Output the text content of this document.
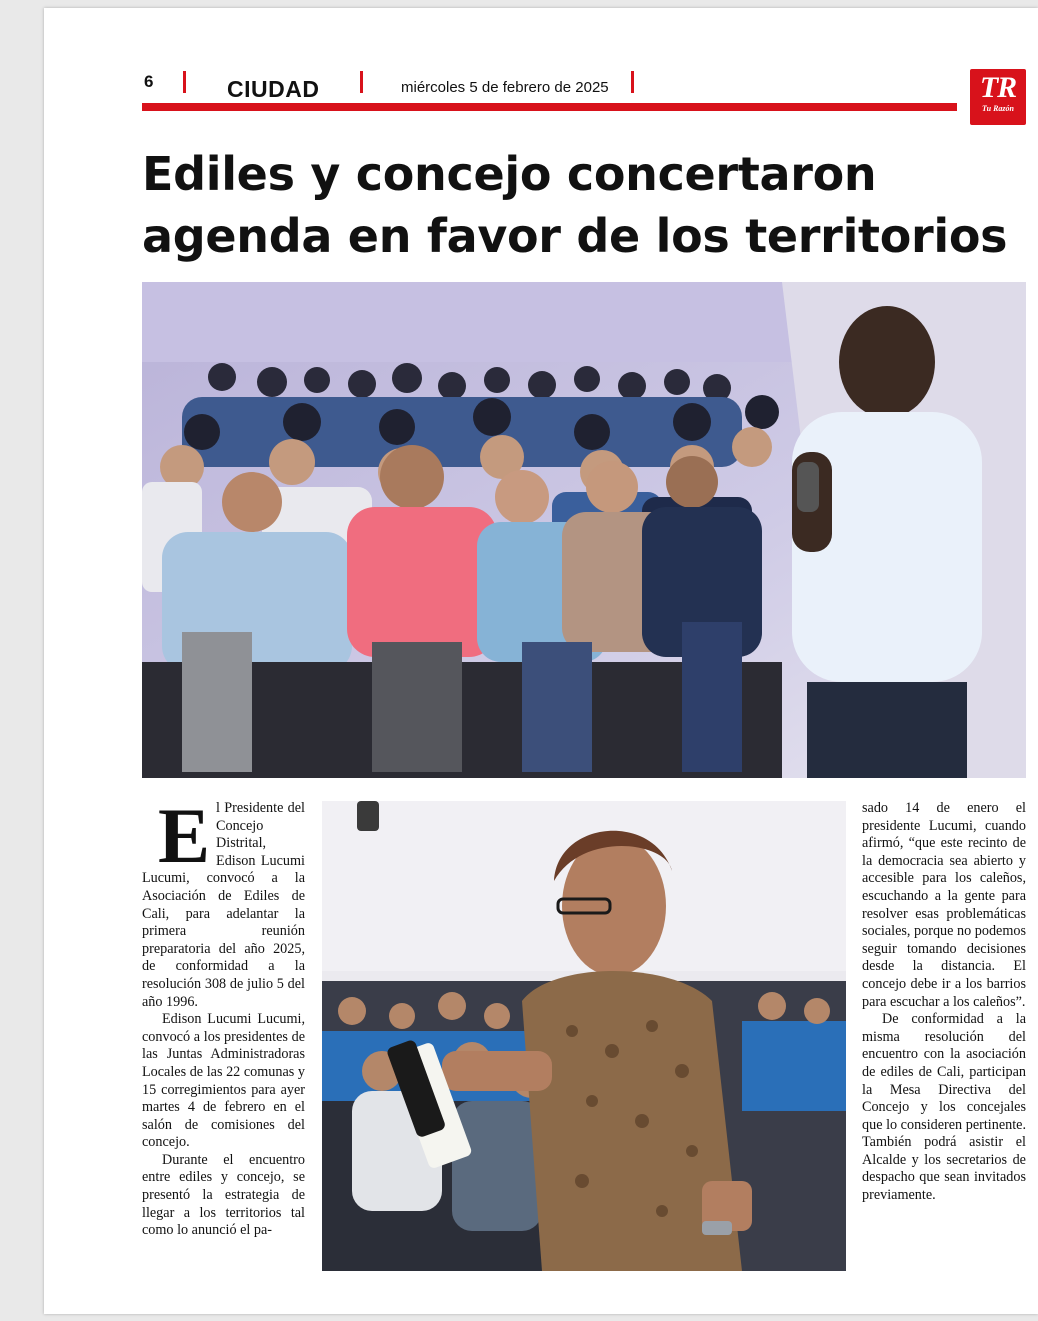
6	CIUDAD	miércoles 5 de febrero de 2025	TR
Tu Razón
Ediles y concejo concertaron agenda en favor de los territorios

El Presidente del Concejo Distrital, Edison Lucumi Lucumi, convocó a la Asociación de Ediles de Cali, para adelantar la primera reunión preparatoria del año 2025, de conformidad a la resolución 308 de julio 5 del año 1996.

Edison Lucumi Lucumi, convocó a los presidentes de las Juntas Administradoras Locales de las 22 comunas y 15 corregimientos para ayer martes 4 de febrero en el salón de comisiones del concejo.

Durante el encuentro entre ediles y concejo, se presentó la estrategia de llegar a los territorios tal como lo anunció el pa-

sado 14 de enero el presidente Lucumi, cuando afirmó, “que este recinto de la democracia sea abierto y accesible para los caleños, escuchando a la gente para resolver esas problemáticas sociales, porque no podemos seguir tomando decisiones desde la distancia. El concejo debe ir a los barrios para escuchar a los caleños”.

De conformidad a la misma resolución del encuentro con la asociación de ediles de Cali, participan la Mesa Directiva del Concejo y los concejales que lo consideren pertinente. También podrá asistir el Alcalde y los secretarios de despacho que sean invitados previamente.
